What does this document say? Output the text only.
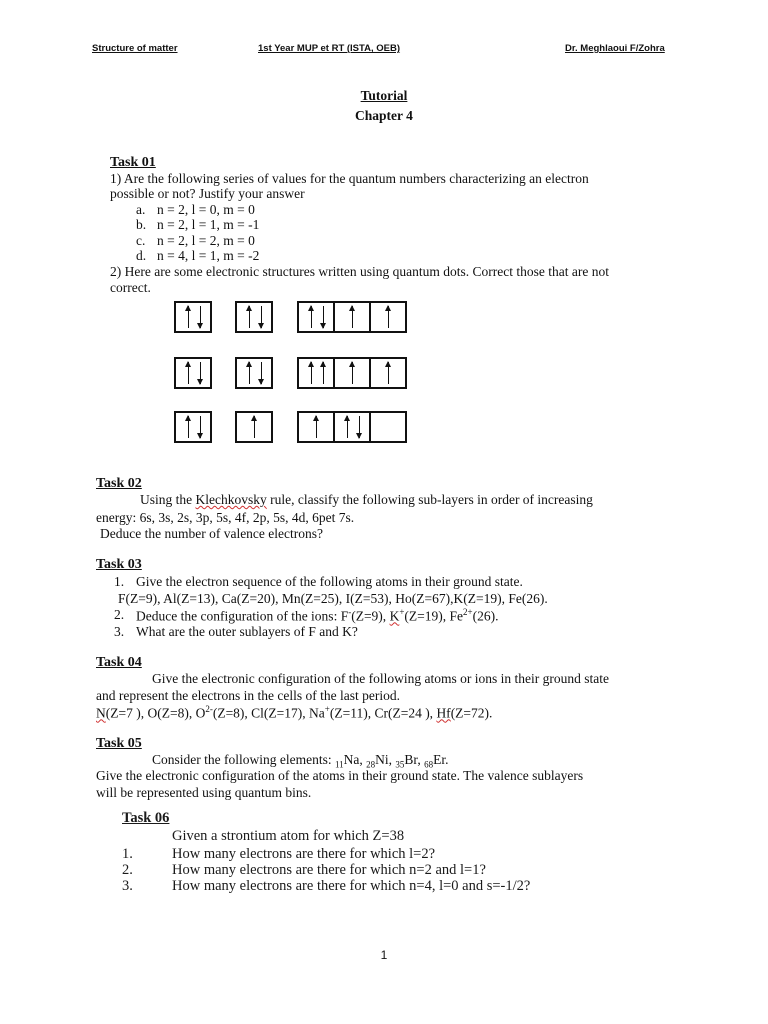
Structure of matter	1st Year MUP et RT (ISTA, OEB)	Dr. Meghlaoui F/Zohra
Tutorial
Chapter 4
Task 01
1) Are the following series of values for the quantum numbers characterizing an electron
possible or not? Justify your answer
a. n = 2, l = 0, m = 0
b. n = 2, l = 1, m = -1
c. n = 2, l = 2, m = 0
d. n = 4, l = 1, m = -2
2) Here are some electronic structures written using quantum dots. Correct those that are not
correct.
Task 02
Using the Klechkovsky rule, classify the following sub-layers in order of increasing
energy: 6s, 3s, 2s, 3p, 5s, 4f, 2p, 5s, 4d, 6pet 7s.
Deduce the number of valence electrons?
Task 03
1. Give the electron sequence of the following atoms in their ground state.
F(Z=9), Al(Z=13), Ca(Z=20), Mn(Z=25), I(Z=53), Ho(Z=67),K(Z=19), Fe(26).
2. Deduce the configuration of the ions: F-(Z=9), K+(Z=19), $Fe^{2+}(26)$.
3. What are the outer sublayers of F and K?
Task 04
Give the electronic configuration of the following atoms or ions in their ground state
and represent the electrons in the cells of the last period.
N(Z=7 ), O(Z=8), $O^{2-}(Z=8)$, Cl(Z=17), Na+(Z=11), Cr(Z=24 ), Hf(Z=72).
Task 05
Consider the following elements: $_{11}$Na, $_{28}$Ni, $_{35}$Br, $_{68}$Er.
Give the electronic configuration of the atoms in their ground state. The valence sublayers
will be represented using quantum bins.
Task 06
Given a strontium atom for which Z=38
1.	How many electrons are there for which l=2?
2.	How many electrons are there for which n=2 and l=1?
3.	How many electrons are there for which n=4, l=0 and s=-1/2?
1
